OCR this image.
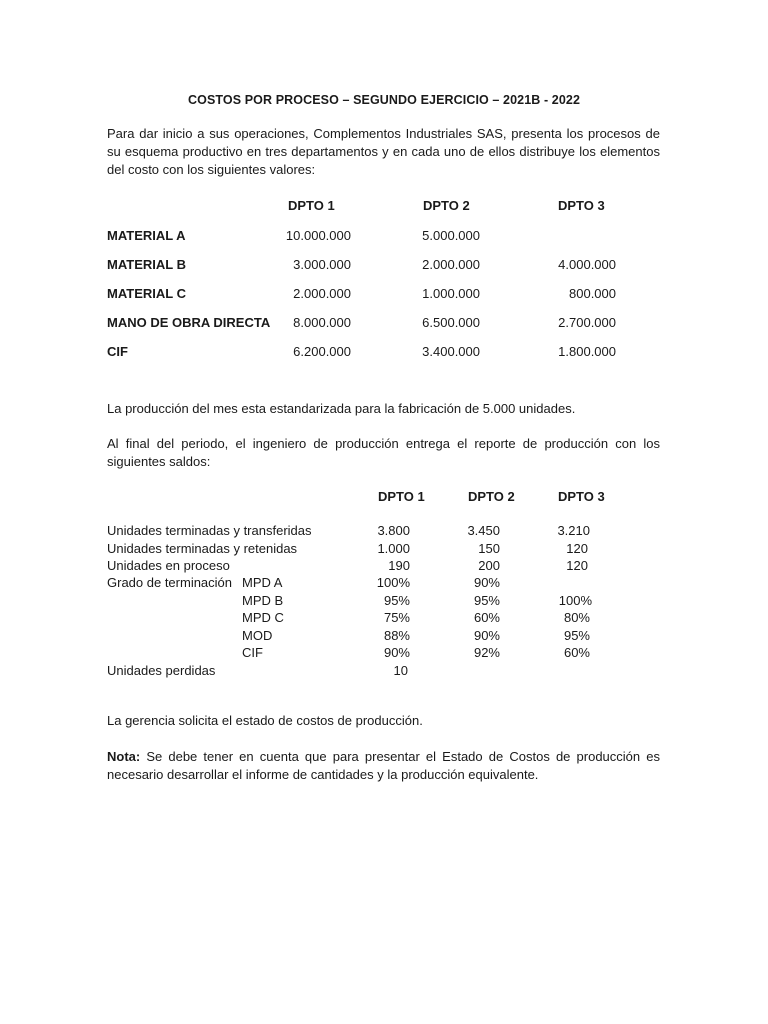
COSTOS POR PROCESO – SEGUNDO EJERCICIO – 2021B - 2022
Para dar inicio a sus operaciones, Complementos Industriales SAS, presenta los procesos de su esquema productivo en tres departamentos y en cada uno de ellos distribuye los elementos del costo con los siguientes valores:
DPTO 1	DPTO 2	DPTO 3
MATERIAL A	10.000.000	5.000.000
MATERIAL B	3.000.000	2.000.000	4.000.000
MATERIAL C	2.000.000	1.000.000	800.000
MANO DE OBRA DIRECTA	8.000.000	6.500.000	2.700.000
CIF	6.200.000	3.400.000	1.800.000
La producción del mes esta estandarizada para la fabricación de 5.000 unidades.
Al final del periodo, el ingeniero de producción entrega el reporte de producción con los siguientes saldos:
DPTO 1	DPTO 2	DPTO 3
Unidades terminadas y transferidas	3.800	3.450	3.210
Unidades terminadas y retenidas	1.000	150	120
Unidades en proceso	190	200	120
Grado de terminación MPD A	100%	90%
MPD B	95%	95%	100%
MPD C	75%	60%	80%
MOD	88%	90%	95%
CIF	90%	92%	60%
Unidades perdidas	10
La gerencia solicita el estado de costos de producción.
Nota: Se debe tener en cuenta que para presentar el Estado de Costos de producción es necesario desarrollar el informe de cantidades y la producción equivalente.
